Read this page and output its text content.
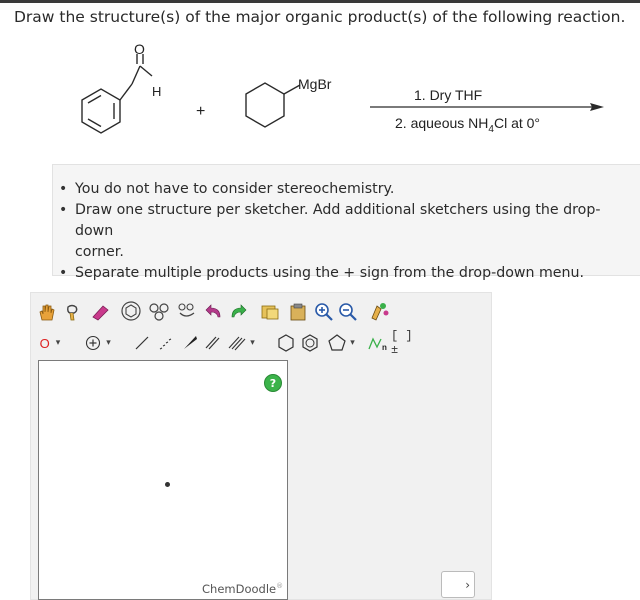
Draw the structure(s) of the major organic product(s) of the following reaction.
O
H
+
MgBr
1. Dry THF
2. aqueous $NH_4Cl$ at 0°
• You do not have to consider stereochemistry.
• Draw one structure per sketcher. Add additional sketchers using the drop-down
corner.
• Separate multiple products using the + sign from the drop-down menu.
O ▾	▾	▾	▾	n
[ ]±
?
ChemDoodle®	›
